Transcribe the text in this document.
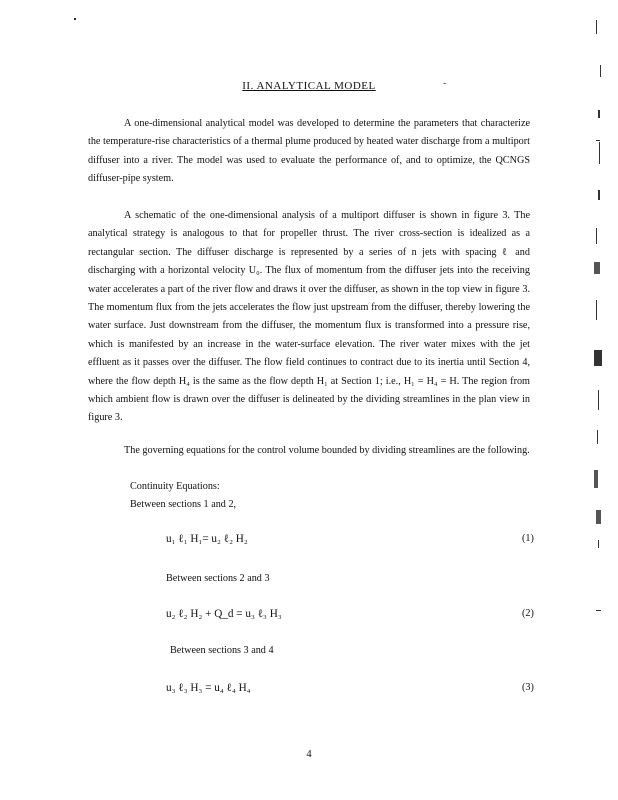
II. ANALYTICAL MODEL	-

A one-dimensional analytical model was developed to determine the parameters that characterize the temperature-rise characteristics of a thermal plume produced by heated water discharge from a multiport diffuser into a river. The model was used to evaluate the performance of, and to optimize, the QCNGS diffuser-pipe system.

A schematic of the one-dimensional analysis of a multiport diffuser is shown in figure 3. The analytical strategy is analogous to that for propeller thrust. The river cross-section is idealized as a rectangular section. The diffuser discharge is represented by a series of n jets with spacing ℓ and discharging with a horizontal velocity U₀. The flux of momentum from the diffuser jets into the receiving water accelerates a part of the river flow and draws it over the diffuser, as shown in the top view in figure 3. The momentum flux from the jets accelerates the flow just upstream from the diffuser, thereby lowering the water surface. Just downstream from the diffuser, the momentum flux is transformed into a pressure rise, which is manifested by an increase in the water-surface elevation. The river water mixes with the jet effluent as it passes over the diffuser. The flow field continues to contract due to its inertia until Section 4, where the flow depth H₄ is the same as the flow depth H₁ at Section 1; i.e., H₁ = H₄ = H. The region from which ambient flow is drawn over the diffuser is delineated by the dividing streamlines in the plan view in figure 3.

The governing equations for the control volume bounded by dividing streamlines are the following.

Continuity Equations:
Between sections 1 and 2,
u₁ ℓ₁ H₁= u₂ ℓ₂ H₂	(1)
Between sections 2 and 3
u₂ ℓ₂ H₂ + Q_d = u₃ ℓ₃ H₃	(2)
Between sections 3 and 4
u₃ ℓ₃ H₃ = u₄ ℓ₄ H₄	(3)
4
